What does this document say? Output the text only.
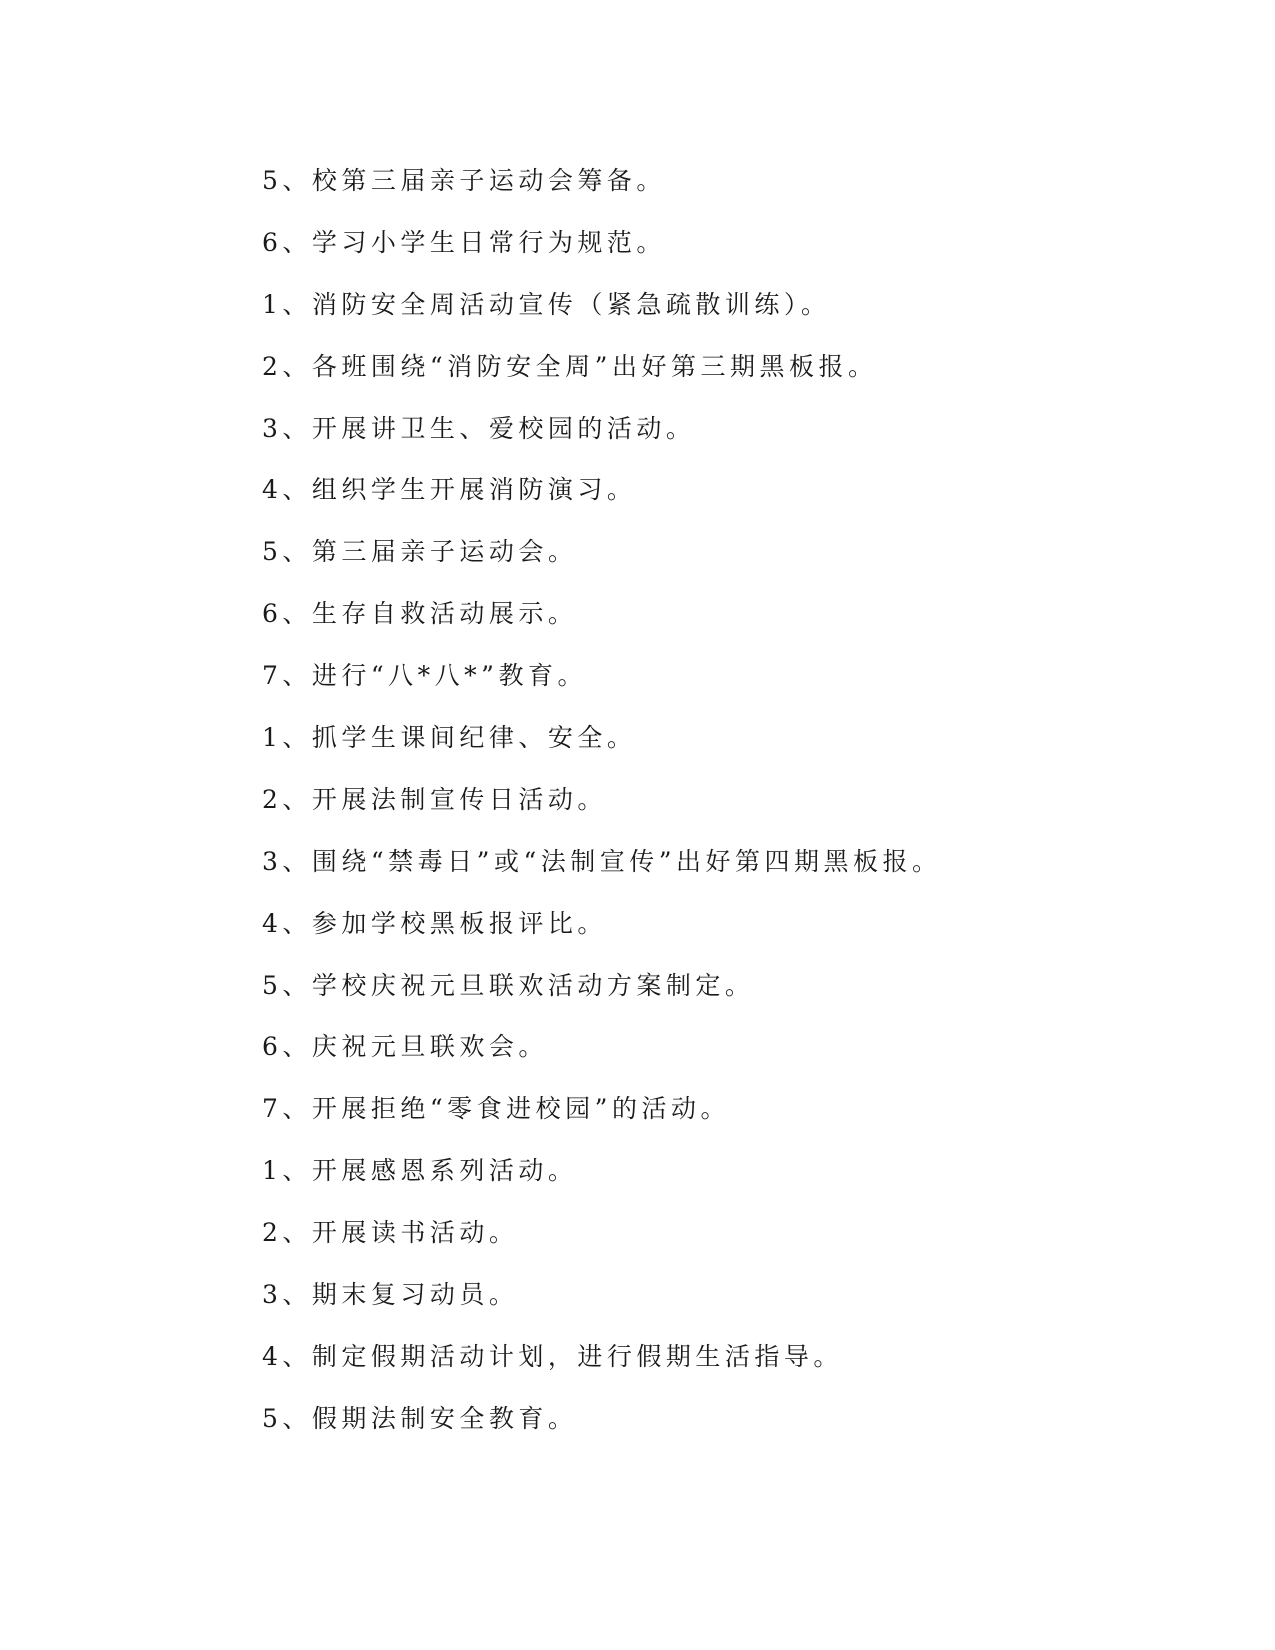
5、校第三届亲子运动会筹备。
6、学习小学生日常行为规范。
1、消防安全周活动宣传（紧急疏散训练）。
2、各班围绕“消防安全周”出好第三期黑板报。
3、开展讲卫生、爱校园的活动。
4、组织学生开展消防演习。
5、第三届亲子运动会。
6、生存自救活动展示。
7、进行“八*八*”教育。
1、抓学生课间纪律、安全。
2、开展法制宣传日活动。
3、围绕“禁毒日”或“法制宣传”出好第四期黑板报。
4、参加学校黑板报评比。
5、学校庆祝元旦联欢活动方案制定。
6、庆祝元旦联欢会。
7、开展拒绝“零食进校园”的活动。
1、开展感恩系列活动。
2、开展读书活动。
3、期末复习动员。
4、制定假期活动计划，进行假期生活指导。
5、假期法制安全教育。
